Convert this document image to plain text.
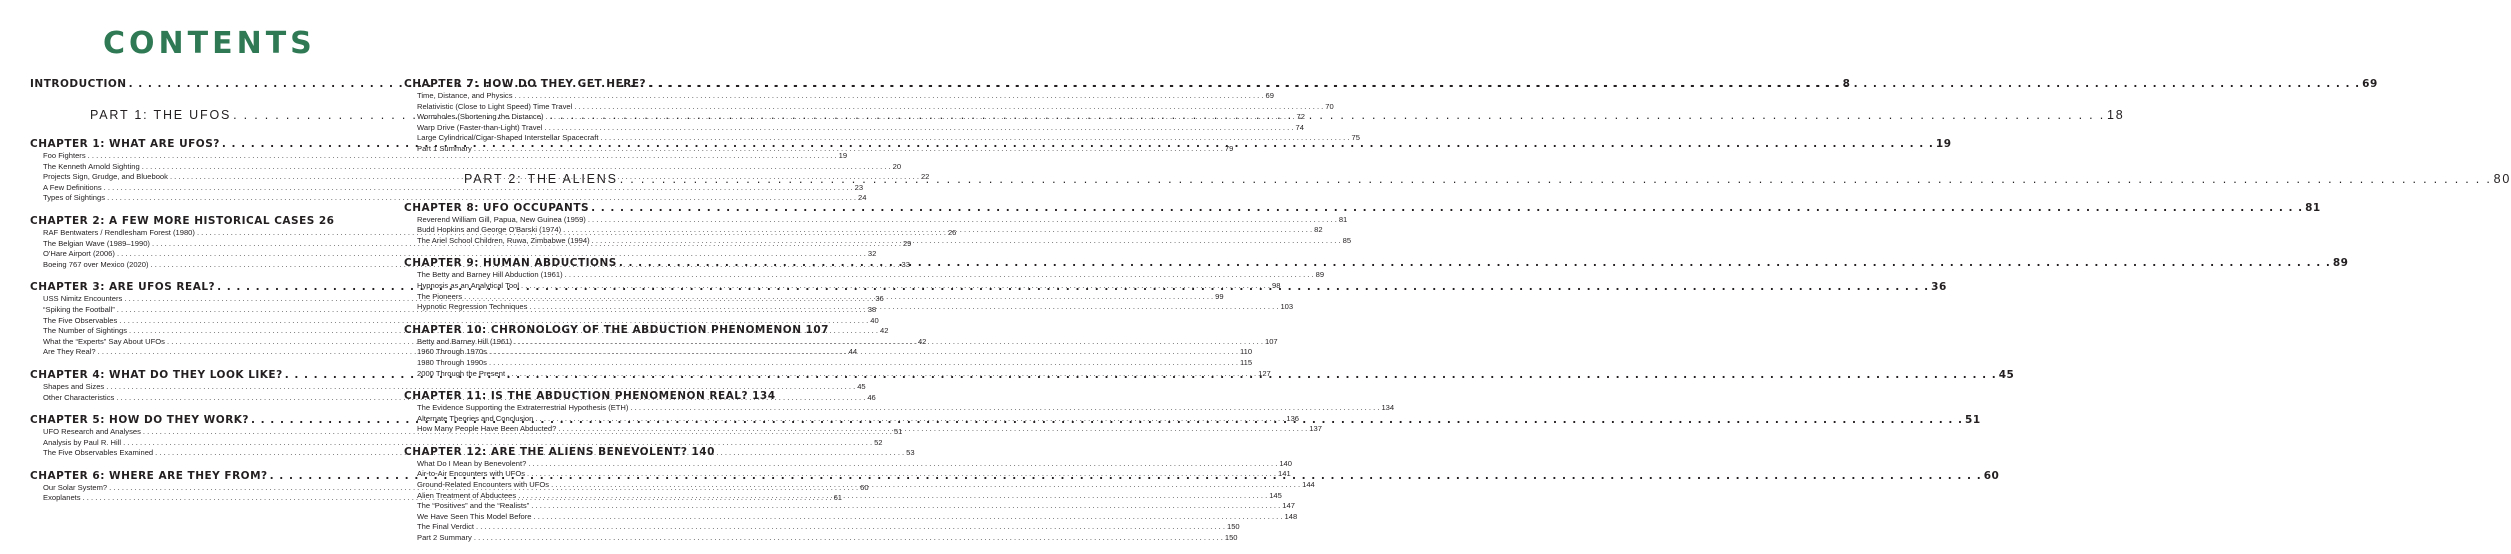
CONTENTS
INTRODUCTION . . .	8
PART 1: THE UFOS . . .	18
CHAPTER 1: WHAT ARE UFOS? . . .	19
Foo Fighters . . .	19
The Kenneth Arnold Sighting . . .	20
Projects Sign, Grudge, and Bluebook . . .	22
A Few Definitions . . .	23
Types of Sightings . . .	24
CHAPTER 2: A FEW MORE HISTORICAL CASES 26
RAF Bentwaters / Rendlesham Forest (1980) . . .	26
The Belgian Wave (1989–1990) . . .	29
O'Hare Airport (2006) . . .	32
Boeing 767 over Mexico (2020) . . .	33
CHAPTER 3: ARE UFOS REAL? . . .	36
USS Nimitz Encounters . . .	36
“Spiking the Football” . . .	38
The Five Observables . . .	40
The Number of Sightings . . .	42
What the “Experts” Say About UFOs . . .	42
Are They Real? . . .	44
CHAPTER 4: WHAT DO THEY LOOK LIKE? . . .	45
Shapes and Sizes . . .	45
Other Characteristics . . .	46
CHAPTER 5: HOW DO THEY WORK? . . .	51
UFO Research and Analyses . . .	51
Analysis by Paul R. Hill . . .	52
The Five Observables Examined . . .	53
CHAPTER 6: WHERE ARE THEY FROM? . . .	60
Our Solar System? . . .	60
Exoplanets . . .	61
CHAPTER 7: HOW DO THEY GET HERE? . . .	69
Time, Distance, and Physics . . .	69
Relativistic (Close to Light Speed) Time Travel . . .	70
Wormholes (Shortening the Distance) . . .	72
Warp Drive (Faster-than-Light) Travel . . .	74
Large Cylindrical/Cigar-Shaped Interstellar Spacecraft . . .	75
Part 1 Summary . . .	79
PART 2: THE ALIENS . . .	80
CHAPTER 8: UFO OCCUPANTS . . .	81
Reverend William Gill, Papua, New Guinea (1959) . . .	81
Budd Hopkins and George O'Barski (1974) . . .	82
The Ariel School Children, Ruwa, Zimbabwe (1994) . . .	85
CHAPTER 9: HUMAN ABDUCTIONS . . .	89
The Betty and Barney Hill Abduction (1961) . . .	89
Hypnosis as an Analytical Tool . . .	98
The Pioneers . . .	99
Hypnotic Regression Techniques . . .	103
CHAPTER 10: CHRONOLOGY OF THE ABDUCTION PHENOMENON 107
Betty and Barney Hill (1961) . . .	107
1960 Through 1970s . . .	110
1980 Through 1990s . . .	115
2000 Through the Present . . .	127
CHAPTER 11: IS THE ABDUCTION PHENOMENON REAL? 134
The Evidence Supporting the Extraterrestrial Hypothesis (ETH) . . .	134
Alternate Theories and Conclusion . . .	136
How Many People Have Been Abducted? . . .	137
CHAPTER 12: ARE THE ALIENS BENEVOLENT? 140
What Do I Mean by Benevolent? . . .	140
Air-to-Air Encounters with UFOs . . .	141
Ground-Related Encounters with UFOs . . .	144
Alien Treatment of Abductees . . .	145
The “Positives” and the “Realists” . . .	147
We Have Seen This Model Before . . .	148
The Final Verdict . . .	150
Part 2 Summary . . .	150
